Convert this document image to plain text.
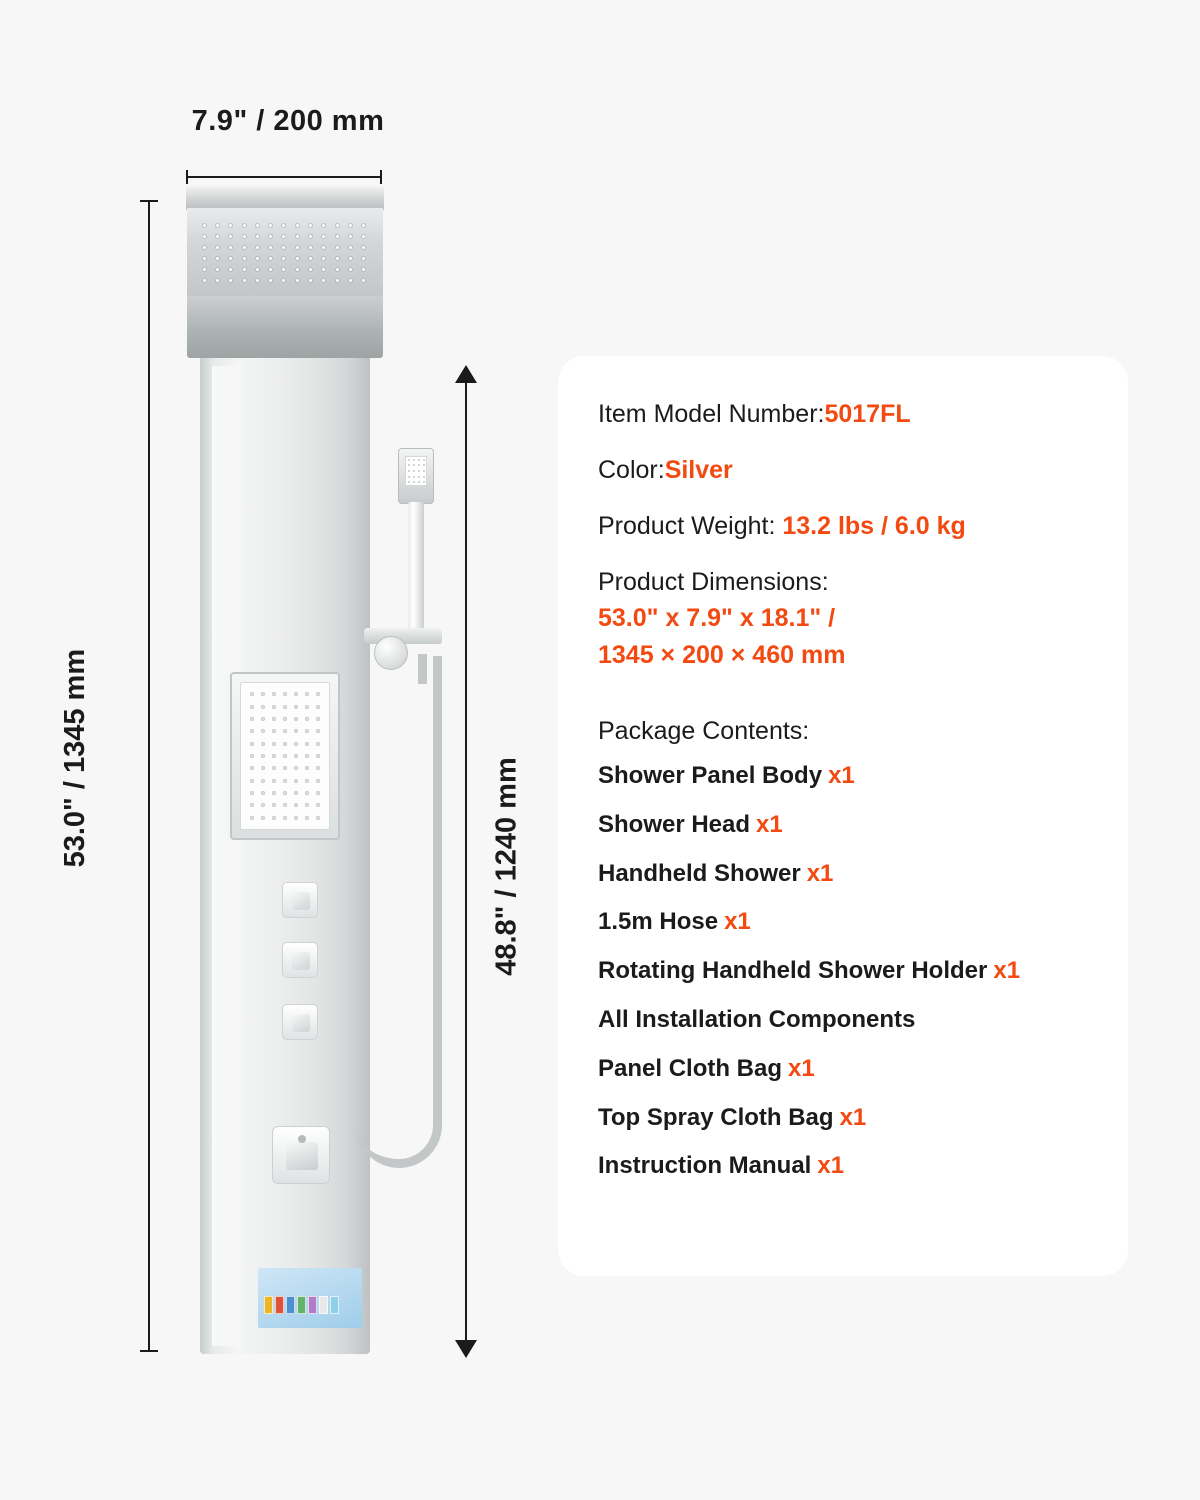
7.9" / 200 mm
53.0" / 1345 mm	48.8" / 1240 mm
Item Model Number:5017FL
Color:Silver
Product Weight: 13.2 lbs / 6.0 kg
Product Dimensions:
53.0" x 7.9" x 18.1" /
1345 × 200 × 460 mm
Package Contents:
Shower Panel Body x1
Shower Head x1
Handheld Shower x1
1.5m Hose x1
Rotating Handheld Shower Holder x1
All Installation Components
Panel Cloth Bag x1
Top Spray Cloth Bag x1
Instruction Manual x1
